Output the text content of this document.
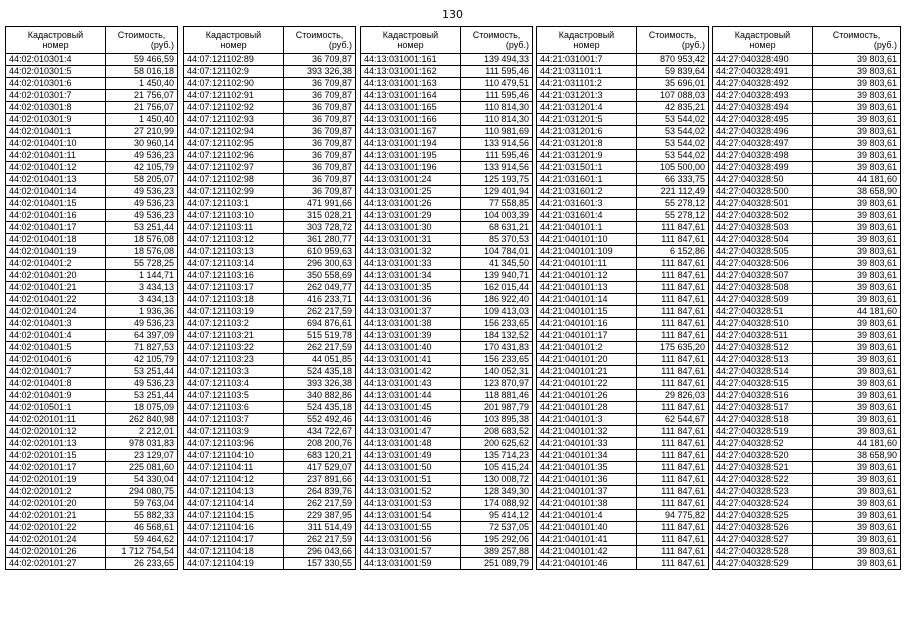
130
Кадастровый
номер	Стоимость,
(руб.)

44:02:010301:4	59 466,59
44:02:010301:5	58 016,18
44:02:010301:6	1 450,40
44:02:010301:7	21 756,07
44:02:010301:8	21 756,07
44:02:010301:9	1 450,40
44:02:010401:1	27 210,99
44:02:010401:10	30 960,14
44:02:010401:11	49 536,23
44:02:010401:12	42 105,79
44:02:010401:13	58 205,07
44:02:010401:14	49 536,23
44:02:010401:15	49 536,23
44:02:010401:16	49 536,23
44:02:010401:17	53 251,44
44:02:010401:18	18 576,08
44:02:010401:19	18 576,08
44:02:010401:2	55 728,25
44:02:010401:20	1 144,71
44:02:010401:21	3 434,13
44:02:010401:22	3 434,13
44:02:010401:24	1 936,36
44:02:010401:3	49 536,23
44:02:010401:4	64 397,09
44:02:010401:5	71 827,53
44:02:010401:6	42 105,79
44:02:010401:7	53 251,44
44:02:010401:8	49 536,23
44:02:010401:9	53 251,44
44:02:010501:1	18 075,09
44:02:020101:11	262 840,98
44:02:020101:12	2 212,01
44:02:020101:13	978 031,83
44:02:020101:15	23 129,07
44:02:020101:17	225 081,60
44:02:020101:19	54 330,04
44:02:020101:2	294 080,75
44:02:020101:20	59 763,04
44:02:020101:21	55 882,33
44:02:020101:22	46 568,61
44:02:020101:24	59 464,62
44:02:020101:26	1 712 754,54
44:02:020101:27	26 233,65
Кадастровый
номер	Стоимость,
(руб.)

44:07:121102:89	36 709,87
44:07:121102:9	393 326,38
44:07:121102:90	36 709,87
44:07:121102:91	36 709,87
44:07:121102:92	36 709,87
44:07:121102:93	36 709,87
44:07:121102:94	36 709,87
44:07:121102:95	36 709,87
44:07:121102:96	36 709,87
44:07:121102:97	36 709,87
44:07:121102:98	36 709,87
44:07:121102:99	36 709,87
44:07:121103:1	471 991,66
44:07:121103:10	315 028,21
44:07:121103:11	303 728,72
44:07:121103:12	361 280,77
44:07:121103:13	610 959,63
44:07:121103:14	296 300,63
44:07:121103:16	350 558,69
44:07:121103:17	262 049,77
44:07:121103:18	416 233,71
44:07:121103:19	262 217,59
44:07:121103:2	694 876,61
44:07:121103:21	515 519,78
44:07:121103:22	262 217,59
44:07:121103:23	44 051,85
44:07:121103:3	524 435,18
44:07:121103:4	393 326,38
44:07:121103:5	340 882,86
44:07:121103:6	524 435,18
44:07:121103:7	552 492,46
44:07:121103:9	434 722,67
44:07:121103:96	208 200,76
44:07:121104:10	683 120,21
44:07:121104:11	417 529,07
44:07:121104:12	237 891,66
44:07:121104:13	264 839,76
44:07:121104:14	262 217,59
44:07:121104:15	229 387,95
44:07:121104:16	311 514,49
44:07:121104:17	262 217,59
44:07:121104:18	296 043,66
44:07:121104:19	157 330,55
Кадастровый
номер	Стоимость,
(руб.)

44:13:031001:161	139 494,33
44:13:031001:162	111 595,46
44:13:031001:163	110 479,51
44:13:031001:164	111 595,46
44:13:031001:165	110 814,30
44:13:031001:166	110 814,30
44:13:031001:167	110 981,69
44:13:031001:194	133 914,56
44:13:031001:195	111 595,46
44:13:031001:196	133 914,56
44:13:031001:24	125 193,75
44:13:031001:25	129 401,94
44:13:031001:26	77 558,85
44:13:031001:29	104 003,39
44:13:031001:30	68 631,21
44:13:031001:31	85 370,53
44:13:031001:32	104 784,01
44:13:031001:33	41 345,50
44:13:031001:34	139 940,71
44:13:031001:35	162 015,44
44:13:031001:36	186 922,40
44:13:031001:37	109 413,03
44:13:031001:38	156 233,65
44:13:031001:39	184 132,52
44:13:031001:40	170 431,83
44:13:031001:41	156 233,65
44:13:031001:42	140 052,31
44:13:031001:43	123 870,97
44:13:031001:44	118 881,46
44:13:031001:45	201 987,79
44:13:031001:46	103 895,38
44:13:031001:47	208 683,52
44:13:031001:48	200 625,62
44:13:031001:49	135 714,23
44:13:031001:50	105 415,24
44:13:031001:51	130 008,72
44:13:031001:52	128 349,30
44:13:031001:53	174 088,92
44:13:031001:54	95 414,12
44:13:031001:55	72 537,05
44:13:031001:56	195 292,06
44:13:031001:57	389 257,88
44:13:031001:59	251 089,79
Кадастровый
номер	Стоимость,
(руб.)

44:21:031001:7	870 953,42
44:21:031101:1	59 839,64
44:21:031101:2	35 696,01
44:21:031201:3	107 088,03
44:21:031201:4	42 835,21
44:21:031201:5	53 544,02
44:21:031201:6	53 544,02
44:21:031201:8	53 544,02
44:21:031201:9	53 544,02
44:21:031501:1	105 500,00
44:21:031601:1	66 333,75
44:21:031601:2	221 112,49
44:21:031601:3	55 278,12
44:21:031601:4	55 278,12
44:21:040101:1	111 847,61
44:21:040101:10	111 847,61
44:21:040101:109	6 152,86
44:21:040101:11	111 847,61
44:21:040101:12	111 847,61
44:21:040101:13	111 847,61
44:21:040101:14	111 847,61
44:21:040101:15	111 847,61
44:21:040101:16	111 847,61
44:21:040101:17	111 847,61
44:21:040101:2	175 635,20
44:21:040101:20	111 847,61
44:21:040101:21	111 847,61
44:21:040101:22	111 847,61
44:21:040101:26	29 826,03
44:21:040101:28	111 847,61
44:21:040101:3	62 544,67
44:21:040101:32	111 847,61
44:21:040101:33	111 847,61
44:21:040101:34	111 847,61
44:21:040101:35	111 847,61
44:21:040101:36	111 847,61
44:21:040101:37	111 847,61
44:21:040101:38	111 847,61
44:21:040101:4	94 775,82
44:21:040101:40	111 847,61
44:21:040101:41	111 847,61
44:21:040101:42	111 847,61
44:21:040101:46	111 847,61
Кадастровый
номер	Стоимость,
(руб.)

44:27:040328:490	39 803,61
44:27:040328:491	39 803,61
44:27:040328:492	39 803,61
44:27:040328:493	39 803,61
44:27:040328:494	39 803,61
44:27:040328:495	39 803,61
44:27:040328:496	39 803,61
44:27:040328:497	39 803,61
44:27:040328:498	39 803,61
44:27:040328:499	39 803,61
44:27:040328:50	44 181,60
44:27:040328:500	38 658,90
44:27:040328:501	39 803,61
44:27:040328:502	39 803,61
44:27:040328:503	39 803,61
44:27:040328:504	39 803,61
44:27:040328:505	39 803,61
44:27:040328:506	39 803,61
44:27:040328:507	39 803,61
44:27:040328:508	39 803,61
44:27:040328:509	39 803,61
44:27:040328:51	44 181,60
44:27:040328:510	39 803,61
44:27:040328:511	39 803,61
44:27:040328:512	39 803,61
44:27:040328:513	39 803,61
44:27:040328:514	39 803,61
44:27:040328:515	39 803,61
44:27:040328:516	39 803,61
44:27:040328:517	39 803,61
44:27:040328:518	39 803,61
44:27:040328:519	39 803,61
44:27:040328:52	44 181,60
44:27:040328:520	38 658,90
44:27:040328:521	39 803,61
44:27:040328:522	39 803,61
44:27:040328:523	39 803,61
44:27:040328:524	39 803,61
44:27:040328:525	39 803,61
44:27:040328:526	39 803,61
44:27:040328:527	39 803,61
44:27:040328:528	39 803,61
44:27:040328:529	39 803,61
